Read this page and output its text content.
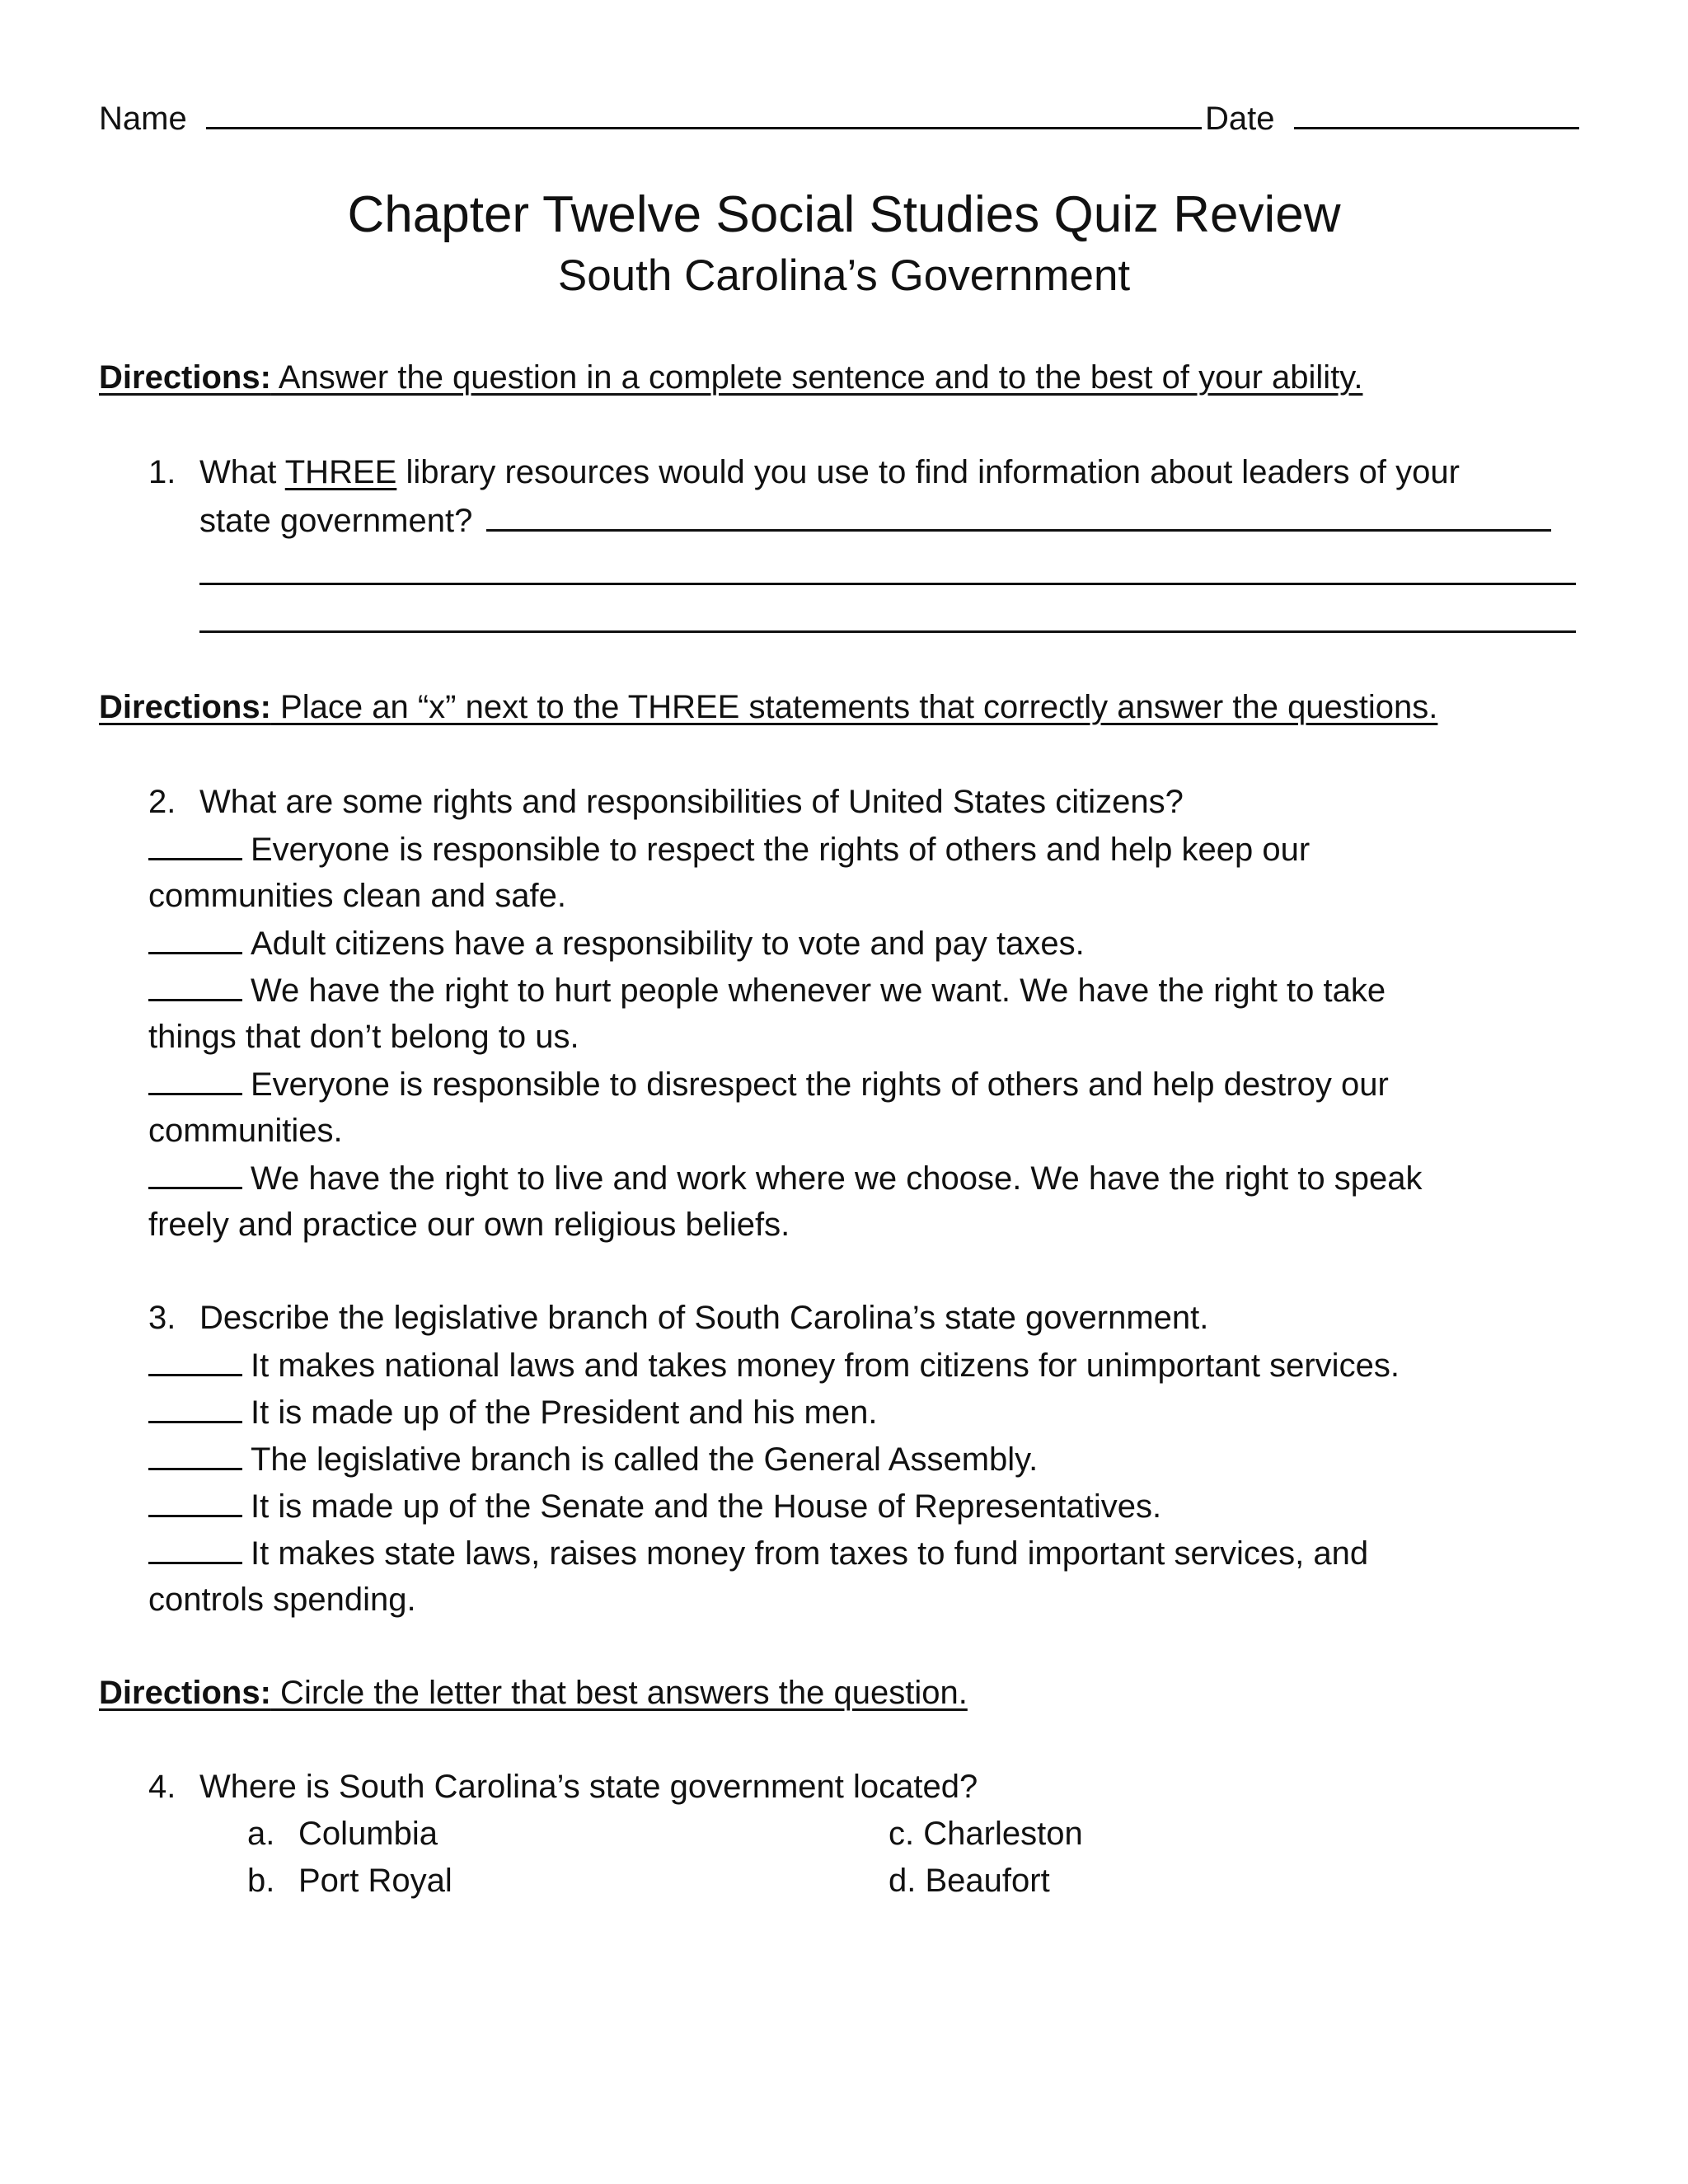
Name	Date
Chapter Twelve Social Studies Quiz Review
South Carolina’s Government
Directions: Answer the question in a complete sentence and to the best of your ability.
1. What THREE library resources would you use to find information about leaders of your
state government?
Directions: Place an “x” next to the THREE statements that correctly answer the questions.
2. What are some rights and responsibilities of United States citizens?
Everyone is responsible to respect the rights of others and help keep our
communities clean and safe.
Adult citizens have a responsibility to vote and pay taxes.
We have the right to hurt people whenever we want. We have the right to take
things that don’t belong to us.
Everyone is responsible to disrespect the rights of others and help destroy our
communities.
We have the right to live and work where we choose. We have the right to speak
freely and practice our own religious beliefs.
3. Describe the legislative branch of South Carolina’s state government.
It makes national laws and takes money from citizens for unimportant services.
It is made up of the President and his men.
The legislative branch is called the General Assembly.
It is made up of the Senate and the House of Representatives.
It makes state laws, raises money from taxes to fund important services, and
controls spending.
Directions: Circle the letter that best answers the question.
4. Where is South Carolina’s state government located?
a. Columbia
b. Port Royal
c. Charleston
d. Beaufort
